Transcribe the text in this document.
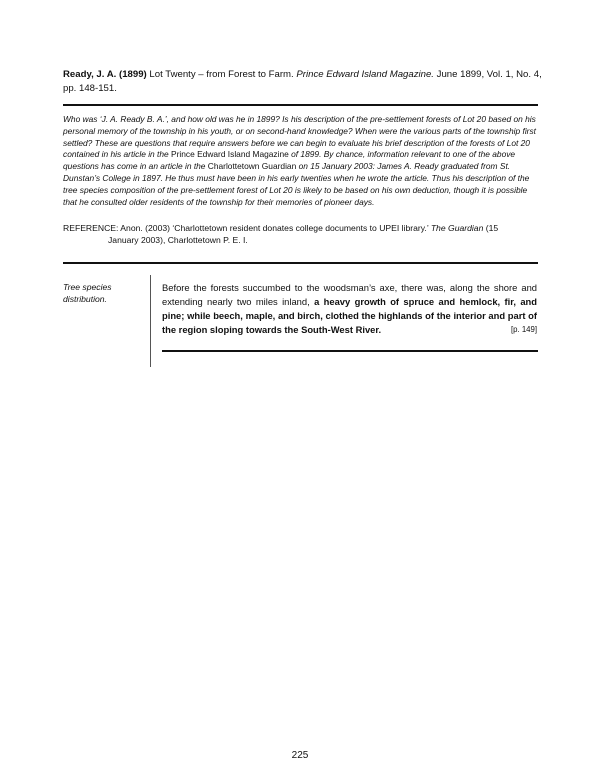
Ready, J. A. (1899) Lot Twenty – from Forest to Farm. Prince Edward Island Magazine. June 1899, Vol. 1, No. 4, pp. 148-151.
Who was ‘J. A. Ready B. A.’, and how old was he in 1899? Is his description of the pre-settlement forests of Lot 20 based on his personal memory of the township in his youth, or on second-hand knowledge? When were the various parts of the township first settled? These are questions that require answers before we can begin to evaluate his brief description of the forests of Lot 20 contained in his article in the Prince Edward Island Magazine of 1899. By chance, information relevant to one of the above questions has come in an article in the Charlottetown Guardian on 15 January 2003: James A. Ready graduated from St. Dunstan’s College in 1897. He thus must have been in his early twenties when he wrote the article. Thus his description of the tree species composition of the pre-settlement forest of Lot 20 is likely to be based on his own deduction, though it is possible that he consulted older residents of the township for their memories of pioneer days.
REFERENCE: Anon. (2003) ‘Charlottetown resident donates college documents to UPEI library.’ The Guardian (15
January 2003), Charlottetown P. E. I.
Tree species distribution.
Before the forests succumbed to the woodsman’s axe, there was, along the shore and extending nearly two miles inland, a heavy growth of spruce and hemlock, fir, and pine; while beech, maple, and birch, clothed the highlands of the interior and part of the region sloping towards the South-West River.	[p. 149]
225
